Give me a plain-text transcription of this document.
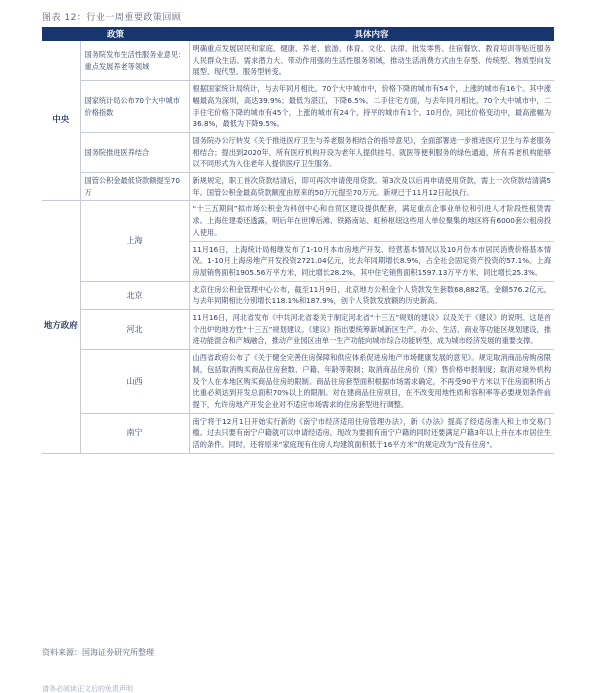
图表 12：行业一周重要政策回顾
政策		具体内容
中央	国务院发布生活性服务业意见：重点发展养老等领域	明确重点发展居民和家庭、健康、养老、旅游、体育、文化、法律、批发零售、住宿餐饮、教育培训等贴近服务人民群众生活、需求潜力大、带动作用强的生活性服务领域，推动生活消费方式由生存型、传统型、物质型向发展型、现代型、服务型转变。
	国家统计局公布70个大中城市价格指数	根据国家统计局统计，与去年同月相比，70个大中城市中，价格下降的城市有54个，上涨的城市有16个。其中涨幅最高为深圳，高达39.9%；最低为湛江，下降6.5%。二手住宅方面，与去年同月相比，70个大中城市中，二手住宅价格下降的城市有45个，上涨的城市有24个，持平的城市有1个。10月份，同比价格变动中，最高涨幅为36.8%，最低为下降9.5%。
	国务院推进医养结合	国务院办公厅转发《关于推进医疗卫生与养老服务相结合的指导意见》，全面部署进一步推进医疗卫生与养老服务相结合；提出到2020年，所有医疗机构开设为老年人提供挂号、就医等便利服务的绿色通道，所有养老机构能够以不同形式为入住老年人提供医疗卫生服务。
	国管公积金最低贷款额提至70万	新规规定，职工首次贷款结清后，即可再次申请使用贷款。第3次及以后再申请使用贷款，需上一次贷款结清满5年。国管公积金最高贷款额度由原来的50万元提至70万元。新规已于11月12日起执行。
地方政府	上海	“十三五期间”拟市场公积金为科创中心和自贸区建设提供配套，满足重点企事业单位和引进人才阶段性租赁需求。上海住建委还透露，明后年在世博后滩、铁路南站、虹桥枢纽这些用人单位聚集的地区将有6000套公租房投入使用。
		11月16日，上海统计局相继发布了1-10月本市房地产开发、经营基本情况以及10月份本市居民消费价格基本情况。1-10月上海房地产开发投资2721.04亿元，比去年同期增长8.9%，占全社会固定资产投资的57.1%。上海房屋销售面积1905.56万平方米，同比增长28.2%，其中住宅销售面积1597.13万平方米，同比增长25.3%。
	北京	北京住房公积金管理中心公布，截至11月9日，北京地方公积金个人贷款发生套数68,882笔，金额576.2亿元，与去年同期相比分别增长118.1%和187.9%，创个人贷款发放额的历史新高。
	河北	11月16日，河北省发布《中共河北省委关于制定河北省“十三五”规划的建议》以及关于《建议》的说明。这是首个出炉的地方性“十三五”规划建议。《建议》指出要统筹新城新区生产、办公、生活、商业等功能区规划建设，推进功能混合和产城融合，推动产业园区由单一生产功能向城市综合功能转型，成为城市经济发展的重要支撑。
	山西	山西省政府公布了《关于健全完善住房保障和供应体系促进房地产市场健康发展的意见》。规定取消商品房购房限制，包括取消购买商品住房套数、户籍、年龄等限制；取消商品住房价（预）售价格申报制度；取消对境外机构及个人在本地区购买商品住房的限制。商品住房套型面积根据市场需求确定，不再受90平方米以下住房面积所占比重必须达到开发总面积70%以上的限制。对在建商品住房项目，在不改变用地性质和容积率等必要规划条件前提下，允许房地产开发企业对不适应市场需求的住房套型进行调整。
	南宁	南宁将于12月1日开始实行新的《南宁市经济适用住房管理办法》，新《办法》提高了经适房准入和上市交易门槛。过去只要有南宁户籍就可以申请经适房，现改为要拥有南宁户籍的同时还要满足户籍3年以上并在本市居住生活的条件。同时，还将原来“家庭现有住房人均建筑面积低于16平方米”的规定改为“没有住房”。
资料来源：国海证券研究所整理
请务必阅读正文后的免责声明
